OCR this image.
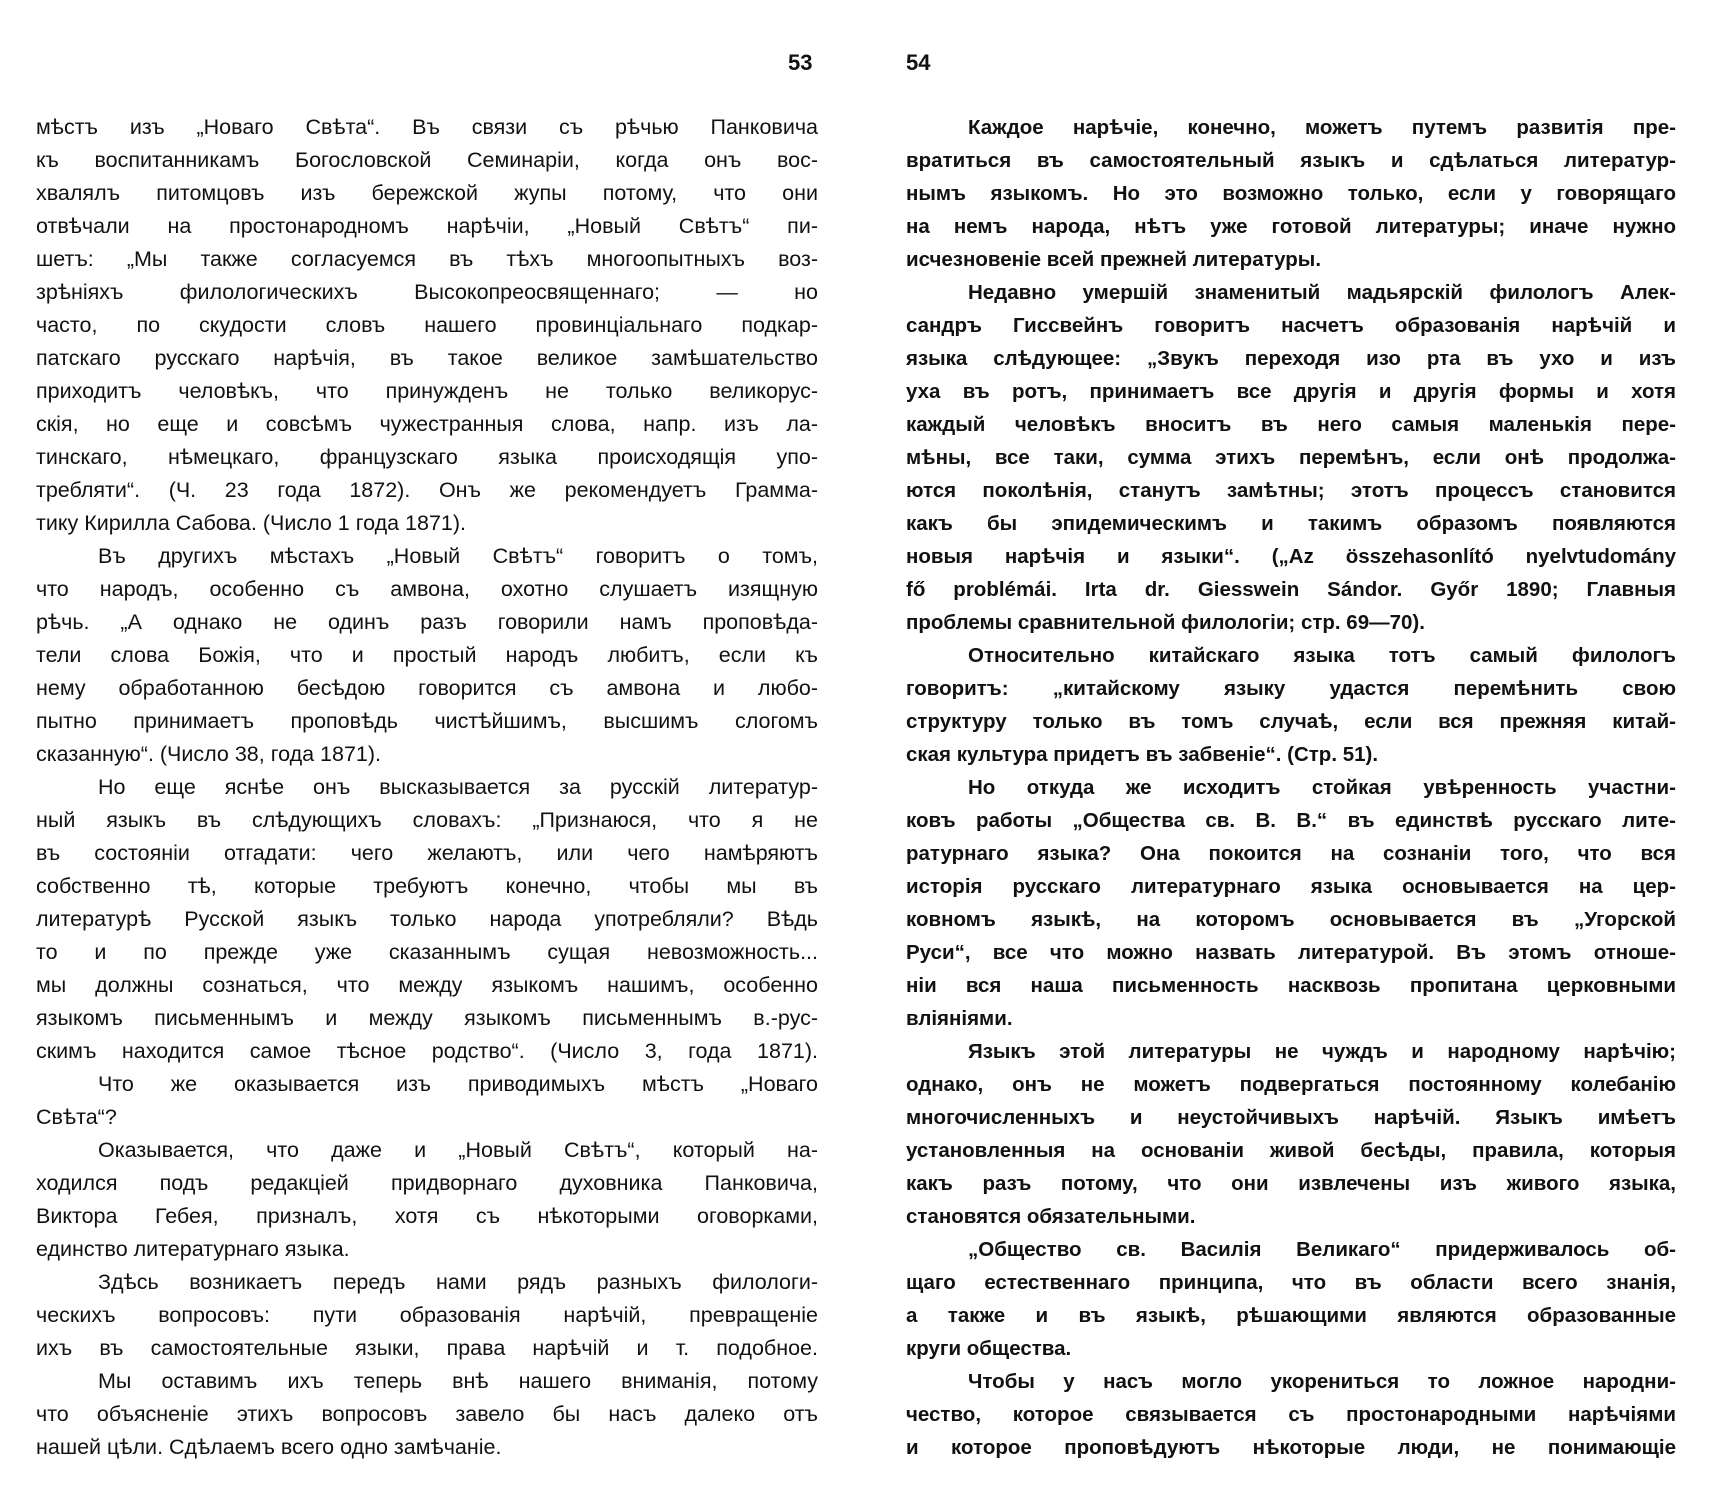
53
мѣстъ изъ „Новаго Свѣта“. Въ связи съ рѣчью Панковича
къ воспитанникамъ Богословской Семинаріи, когда онъ вос-
хвалялъ питомцовъ изъ бережской жупы потому, что они
отвѣчали на простонародномъ нарѣчіи, „Новый Свѣтъ“ пи-
шетъ: „Мы также согласуемся въ тѣхъ многоопытныхъ воз-
зрѣніяхъ филологическихъ Высокопреосвященнаго; — но
часто, по скудости словъ нашего провинціальнаго подкар-
патскаго русскаго нарѣчія, въ такое великое замѣшательство
приходитъ человѣкъ, что принужденъ не только великорус-
скія, но еще и совсѣмъ чужестранныя слова, напр. изъ ла-
тинскаго, нѣмецкаго, французскаго языка происходящія упо-
требляти“. (Ч. 23 года 1872). Онъ же рекомендуетъ Грамма-
тику Кирилла Сабова. (Число 1 года 1871).
Въ другихъ мѣстахъ „Новый Свѣтъ“ говоритъ о томъ,
что народъ, особенно съ амвона, охотно слушаетъ изящную
рѣчь. „А однако не одинъ разъ говорили намъ проповѣда-
тели слова Божія, что и простый народъ любитъ, если къ
нему обработанною бесѣдою говорится съ амвона и любо-
пытно принимаетъ проповѣдь чистѣйшимъ, высшимъ слогомъ
сказанную“. (Число 38, года 1871).
Но еще яснѣе онъ высказывается за русскій литератур-
ный языкъ въ слѣдующихъ словахъ: „Признаюся, что я не
въ состояніи отгадати: чего желаютъ, или чего намѣряютъ
собственно тѣ, которые требуютъ конечно, чтобы мы въ
литературѣ Русской языкъ только народа употребляли? Вѣдь
то и по прежде уже сказаннымъ сущая невозможность...
мы должны сознаться, что между языкомъ нашимъ, особенно
языкомъ письменнымъ и между языкомъ письменнымъ в.-рус-
скимъ находится самое тѣсное родство“. (Число 3, года 1871).
Что же оказывается изъ приводимыхъ мѣстъ „Новаго
Свѣта“?
Оказывается, что даже и „Новый Свѣтъ“, который на-
ходился подъ редакціей придворнаго духовника Панковича,
Виктора Гебея, призналъ, хотя съ нѣкоторыми оговорками,
единство литературнаго языка.
Здѣсь возникаетъ передъ нами рядъ разныхъ филологи-
ческихъ вопросовъ: пути образованія нарѣчій, превращеніе
ихъ въ самостоятельные языки, права нарѣчій и т. подобное.
Мы оставимъ ихъ теперь внѣ нашего вниманія, потому
что объясненіе этихъ вопросовъ завело бы насъ далеко отъ
нашей цѣли. Сдѣлаемъ всего одно замѣчаніе.
54
Каждое нарѣчіе, конечно, можетъ путемъ развитія пре-
вратиться въ самостоятельный языкъ и сдѣлаться литератур-
нымъ языкомъ. Но это возможно только, если у говорящаго
на немъ народа, нѣтъ уже готовой литературы; иначе нужно
исчезновеніе всей прежней литературы.
Недавно умершій знаменитый мадьярскій филологъ Алек-
сандръ Гиссвейнъ говоритъ насчетъ образованія нарѣчій и
языка слѣдующее: „Звукъ переходя изо рта въ ухо и изъ
уха въ ротъ, принимаетъ все другія и другія формы и хотя
каждый человѣкъ вноситъ въ него самыя маленькія пере-
мѣны, все таки, сумма этихъ перемѣнъ, если онѣ продолжа-
ются поколѣнія, станутъ замѣтны; этотъ процессъ становится
какъ бы эпидемическимъ и такимъ образомъ появляются
новыя нарѣчія и языки“. („Az összehasonlító nyelvtudomány
fő problémái. Irta dr. Giesswein Sándor. Győr 1890; Главныя
проблемы сравнительной филологіи; стр. 69—70).
Относительно китайскаго языка тотъ самый филологъ
говоритъ: „китайскому языку удастся перемѣнить свою
структуру только въ томъ случаѣ, если вся прежняя китай-
ская культура придетъ въ забвеніе“. (Стр. 51).
Но откуда же исходитъ стойкая увѣренность участни-
ковъ работы „Общества св. В. В.“ въ единствѣ русскаго лите-
ратурнаго языка? Она покоится на сознаніи того, что вся
исторія русскаго литературнаго языка основывается на цер-
ковномъ языкѣ, на которомъ основывается въ „Угорской
Руси“, все что можно назвать литературой. Въ этомъ отноше-
ніи вся наша письменность насквозь пропитана церковными
вліяніями.
Языкъ этой литературы не чуждъ и народному нарѣчію;
однако, онъ не можетъ подвергаться постоянному колебанію
многочисленныхъ и неустойчивыхъ нарѣчій. Языкъ имѣетъ
установленныя на основаніи живой бесѣды, правила, которыя
какъ разъ потому, что они извлечены изъ живого языка,
становятся обязательными.
„Общество св. Василія Великаго“ придерживалось об-
щаго естественнаго принципа, что въ области всего знанія,
а также и въ языкѣ, рѣшающими являются образованные
круги общества.
Чтобы у насъ могло укорениться то ложное народни-
чество, которое связывается съ простонародными нарѣчіями
и которое проповѣдуютъ нѣкоторые люди, не понимающіе
